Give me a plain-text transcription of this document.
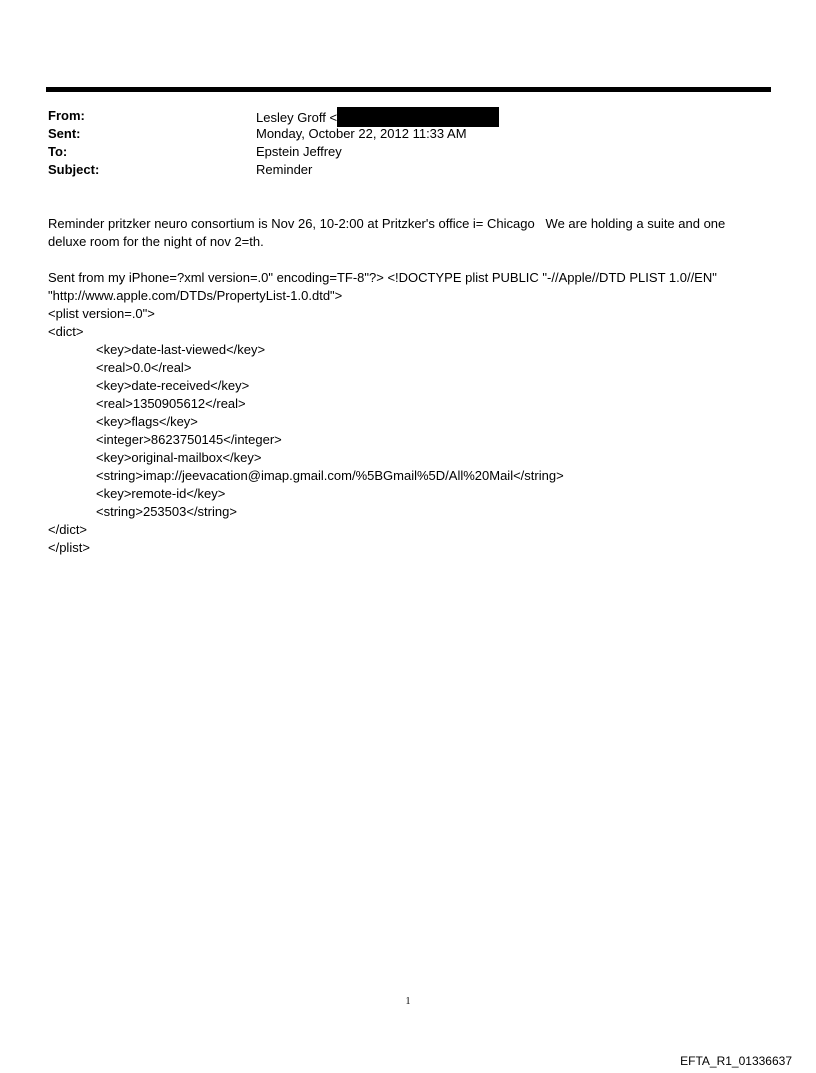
From:	Lesley Groff <
Sent:	Monday, October 22, 2012 11:33 AM
To:	Epstein Jeffrey
Subject:	Reminder

Reminder pritzker neuro consortium is Nov 26, 10-2:00 at Pritzker's office i= Chicago   We are holding a suite and one

deluxe room for the night of nov 2=th.

Sent from my iPhone=?xml version=.0" encoding=TF-8"?> <!DOCTYPE plist PUBLIC "-//Apple//DTD PLIST 1.0//EN"

"http://www.apple.com/DTDs/PropertyList-1.0.dtd">

<plist version=.0">

<dict>

<key>date-last-viewed</key>

<real>0.0</real>

<key>date-received</key>

<real>1350905612</real>

<key>flags</key>

<integer>8623750145</integer>

<key>original-mailbox</key>

<string>imap://jeevacation@imap.gmail.com/%5BGmail%5D/All%20Mail</string>

<key>remote-id</key>

<string>253503</string>

</dict>

</plist>

1
EFTA_R1_01336637
